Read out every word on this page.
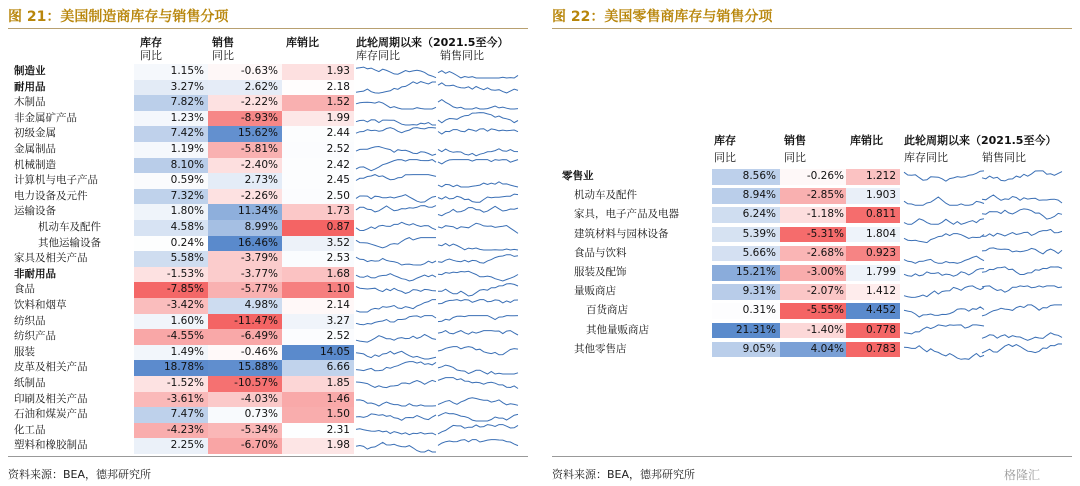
图 21：美国制造商库存与销售分项
库存
同比
销售
同比
库销比	此轮周期以来（2021.5至今）
库存同比	销售同比
制造业	1.15%	-0.63%	1.93
耐用品	3.27%	2.62%	2.18
木制品	7.82%	-2.22%	1.52
非金属矿产品	1.23%	-8.93%	1.99
初级金属	7.42%	15.62%	2.44
金属制品	1.19%	-5.81%	2.52
机械制造	8.10%	-2.40%	2.42
计算机与电子产品	0.59%	2.73%	2.45
电力设备及元件	7.32%	-2.26%	2.50
运输设备	1.80%	11.34%	1.73
机动车及配件	4.58%	8.99%	0.87
其他运输设备	0.24%	16.46%	3.52
家具及相关产品	5.58%	-3.79%	2.53
非耐用品	-1.53%	-3.77%	1.68
食品	-7.85%	-5.77%	1.10
饮料和烟草	-3.42%	4.98%	2.14
纺织品	1.60%	-11.47%	3.27
纺织产品	-4.55%	-6.49%	2.52
服装	1.49%	-0.46%	14.05
皮革及相关产品	18.78%	15.88%	6.66
纸制品	-1.52%	-10.57%	1.85
印刷及相关产品	-3.61%	-4.03%	1.46
石油和煤炭产品	7.47%	0.73%	1.50
化工品	-4.23%	-5.34%	2.31
塑料和橡胶制品	2.25%	-6.70%	1.98
资料来源：BEA，德邦研究所
图 22：美国零售商库存与销售分项
库存
同比
销售
同比
库销比 此轮周期以来（2021.5至今）
库存同比	销售同比
零售业	8.56%	-0.26%	1.212
机动车及配件	8.94%	-2.85%	1.903
家具，电子产品及电器	6.24%	-1.18%	0.811
建筑材料与园林设备	5.39%	-5.31%	1.804
食品与饮料	5.66%	-2.68%	0.923
服装及配饰	15.21%	-3.00%	1.799
量贩商店	9.31%	-2.07%	1.412
百货商店	0.31%	-5.55%	4.452
其他量贩商店	21.31%	-1.40%	0.778
其他零售店	9.05%	4.04%	0.783
资料来源：BEA，德邦研究所	格隆汇
